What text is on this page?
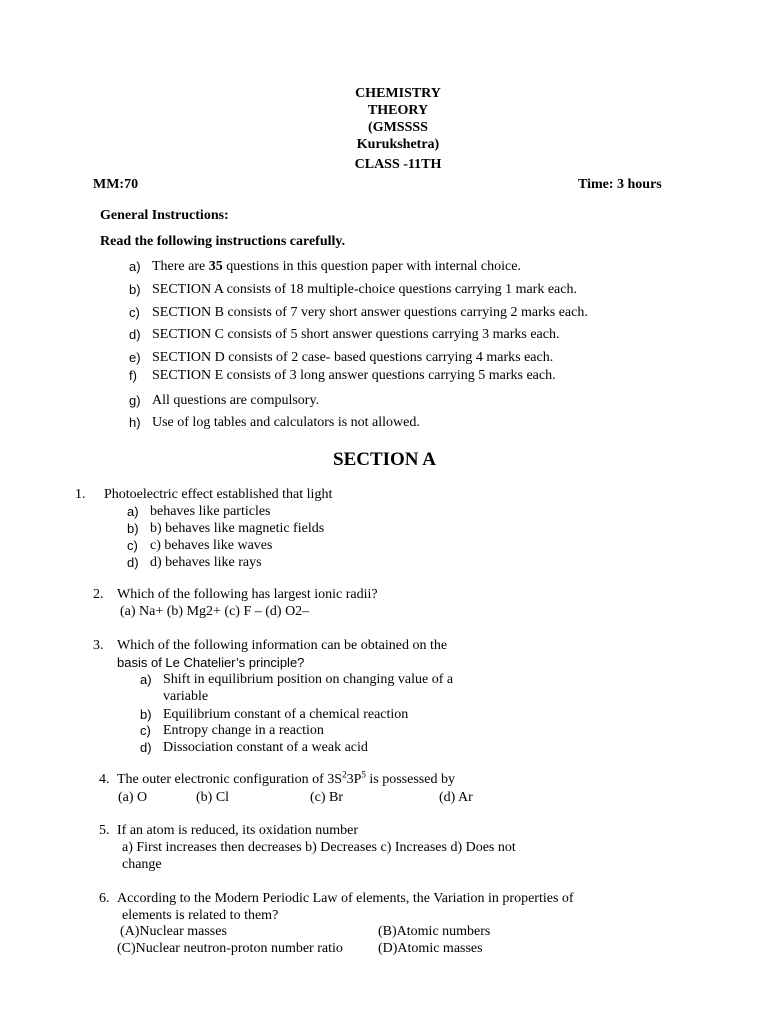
CHEMISTRY
THEORY
(GMSSSS
Kurukshetra)
CLASS -11TH
MM:70	Time: 3 hours
General Instructions:
Read the following instructions carefully.
a) There are 35 questions in this question paper with internal choice.
b) SECTION A consists of 18 multiple-choice questions carrying 1 mark each.
c) SECTION B consists of 7 very short answer questions carrying 2 marks each.
d) SECTION C consists of 5 short answer questions carrying 3 marks each.
e) SECTION D consists of 2 case- based questions carrying 4 marks each.
f) SECTION E consists of 3 long answer questions carrying 5 marks each.
g) All questions are compulsory.
h) Use of log tables and calculators is not allowed.
SECTION A
1. Photoelectric effect established that light
a) behaves like particles
b) b) behaves like magnetic fields
c) c) behaves like waves
d) d) behaves like rays
2. Which of the following has largest ionic radii?
(a) Na+ (b) Mg2+ (c) F – (d) O2–
3. Which of the following information can be obtained on the
basis of Le Chatelier’s principle?
a) Shift in equilibrium position on changing value of a
variable
b) Equilibrium constant of a chemical reaction
c) Entropy change in a reaction
d) Dissociation constant of a weak acid
4. The outer electronic configuration of $3S^23P^5$ is possessed by
(a) O	(b) Cl	(c) Br	(d) Ar
5. If an atom is reduced, its oxidation number
a) First increases then decreases b) Decreases c) Increases d) Does not
change
6. According to the Modern Periodic Law of elements, the Variation in properties of
elements is related to them?
(A)Nuclear masses	(B)Atomic numbers
(C)Nuclear neutron-proton number ratio	(D)Atomic masses
